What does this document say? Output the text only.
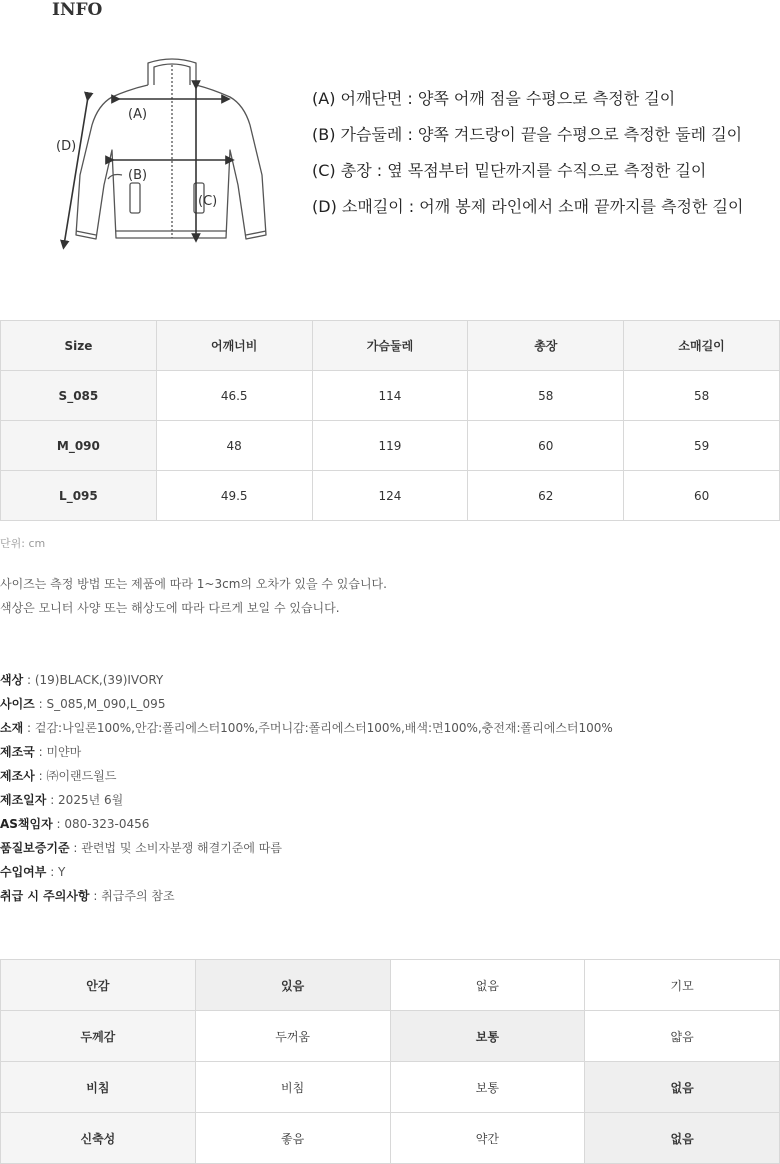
INFO
(A)
(B)
(C)
(D)
(A) 어깨단면 : 양쪽 어깨 점을 수평으로 측정한 길이
(B) 가슴둘레 : 양쪽 겨드랑이 끝을 수평으로 측정한 둘레 길이
(C) 총장 : 옆 목점부터 밑단까지를 수직으로 측정한 길이
(D) 소매길이 : 어깨 봉제 라인에서 소매 끝까지를 측정한 길이
Size	어깨너비	가슴둘레	총장	소매길이
S_085	46.5	114	58	58
M_090	48	119	60	59
L_095	49.5	124	62	60
단위: cm
사이즈는 측정 방법 또는 제품에 따라 1~3cm의 오차가 있을 수 있습니다.
색상은 모니터 사양 또는 해상도에 따라 다르게 보일 수 있습니다.
색상 : (19)BLACK,(39)IVORY
사이즈 : S_085,M_090,L_095
소재 : 겉감:나일론100%,안감:폴리에스터100%,주머니감:폴리에스터100%,배색:면100%,충전재:폴리에스터100%
제조국 : 미얀마
제조사 : ㈜이랜드월드
제조일자 : 2025년 6월
AS책임자 : 080-323-0456
품질보증기준 : 관련법 및 소비자분쟁 해결기준에 따름
수입여부 : Y
취급 시 주의사항 : 취급주의 참조
안감	있음	없음	기모
두께감	두꺼움	보통	얇음
비침	비침	보통	없음
신축성	좋음	약간	없음
